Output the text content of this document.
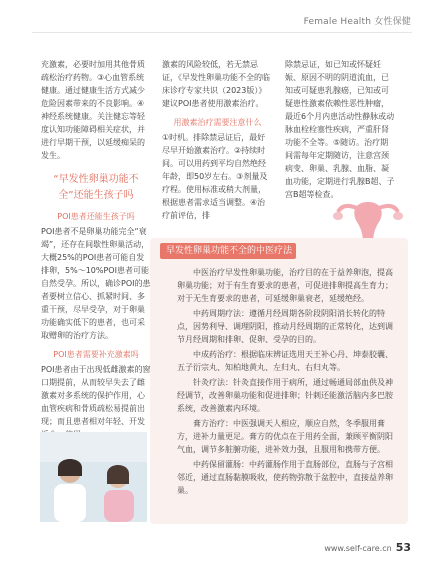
Female Health 女性保健

充激素，必要时加用其他骨质疏松治疗药物。③心血管系统健康。通过健康生活方式减少危险因素带来的不良影响。④神经系统健康。关注健忘等轻度认知功能障碍相关症状，并进行早期干预，以延缓痴呆的发生。

“早发性卵巢功能不全”还能生孩子吗
POI患者还能生孩子吗

POI患者不是卵巢功能完全“衰竭”，还存在间歇性卵巢活动，大概25%的POI患者可能自发排卵，5%～10%POI患者可能自然受孕。所以，确诊POI的患者要树立信心、抓紧时间、多重干预，尽早受孕，对于卵巢功能确实低下的患者，也可采取赠卵的治疗方法。

POI患者需要补充激素吗

POI患者由于出现低雌激素的窗口期提前，从而较早失去了雌激素对多系统的保护作用，心血管疾病和骨质疏松易提前出现；而且患者相对年轻、开发

激素的风险较低，若无禁忌证，《早发性卵巢功能不全的临床诊疗专家共识（2023版）》建议POI患者使用激素治疗。

用激素治疗需要注意什么

①时机。排除禁忌证后，最好尽早开始激素治疗。②持续时间。可以用药到平均自然绝经年龄，即50岁左右。③剂量及疗程。使用标准或稍大剂量，根据患者需求适当调整。④治疗前评估，排

除禁忌证，如已知或怀疑妊娠、原因不明的阴道流血，已知或可疑患乳腺癌，已知或可疑患性激素依赖性恶性肿瘤，最近6个月内患活动性静脉或动脉血栓栓塞性疾病，严重肝肾功能不全等。⑤随访。治疗期间需每年定期随访，注意宫颈病变、卵巢、乳腺、血脂、凝血功能，定期进行乳腺B超、子宫B超等检查。

早发性卵巢功能不全的中医疗法

中医治疗早发性卵巢功能，治疗目的在于益养卵泡，提高卵巢功能；对于有生育要求的患者，可促进排卵提高生育力；对于无生育要求的患者，可延缓卵巢衰老，延缓绝经。

中药周期疗法：遵循月经周期各阶段阴阳消长转化的特点，因势利导、调理阴阳，推动月经周期的正常转化，达到调节月经周期和排卵、促卵、受孕的目的。

中成药治疗：根据临床辨证选用天王补心丹、坤泰胶囊、五子衍宗丸、知柏地黄丸、左归丸、右归丸等。

针灸疗法：针灸直接作用于病所，通过畅通局部血供及神经调节，改善卵巢功能和促进排卵；针刺还能激活脑内多巴胺系统，改善激素内环境。

膏方治疗：中医强调天人相应，顺应自然，冬季服用膏方，进补力量更足。膏方的优点在于用药全面，兼顾平衡阴阳气血，调节多脏腑功能，进补效力强，且服用和携带方便。

中药保留灌肠：中药灌肠作用于直肠部位，直肠与子宫相邻近，通过直肠黏膜吸收，使药物弥散于盆腔中，直接益养卵巢。

www.self-care.cn 53
